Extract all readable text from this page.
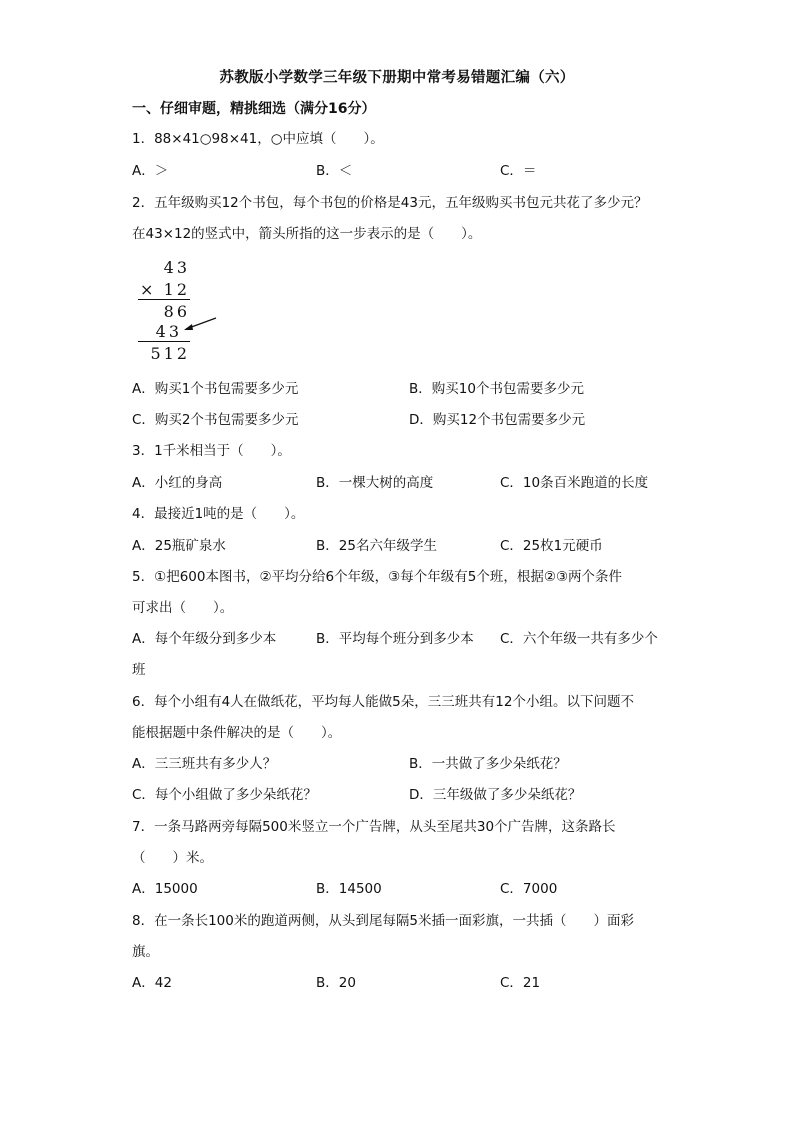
苏教版小学数学三年级下册期中常考易错题汇编（六）
一、仔细审题，精挑细选（满分16分）
1．88×41○98×41，○中应填（　　）。
A．＞	B．＜	C．＝
2．五年级购买12个书包，每个书包的价格是43元，五年级购买书包元共花了多少元？
在43×12的竖式中，箭头所指的这一步表示的是（　　）。
43
× 12
86
43
512
A．购买1个书包需要多少元	B．购买10个书包需要多少元
C．购买2个书包需要多少元	D．购买12个书包需要多少元
3．1千米相当于（　　）。
A．小红的身高	B．一棵大树的高度	C．10条百米跑道的长度
4．最接近1吨的是（　　）。
A．25瓶矿泉水	B．25名六年级学生	C．25枚1元硬币
5．①把600本图书，②平均分给6个年级，③每个年级有5个班，根据②③两个条件
可求出（　　）。
A．每个年级分到多少本	B．平均每个班分到多少本 C．六个年级一共有多少个
班
6．每个小组有4人在做纸花，平均每人能做5朵，三三班共有12个小组。以下问题不
能根据题中条件解决的是（　　）。
A．三三班共有多少人？	B．一共做了多少朵纸花？
C．每个小组做了多少朵纸花？	D．三年级做了多少朵纸花？
7．一条马路两旁每隔500米竖立一个广告牌，从头至尾共30个广告牌，这条路长
（　　）米。
A．15000	B．14500	C．7000
8．在一条长100米的跑道两侧，从头到尾每隔5米插一面彩旗，一共插（　　）面彩
旗。
A．42	B．20	C．21
